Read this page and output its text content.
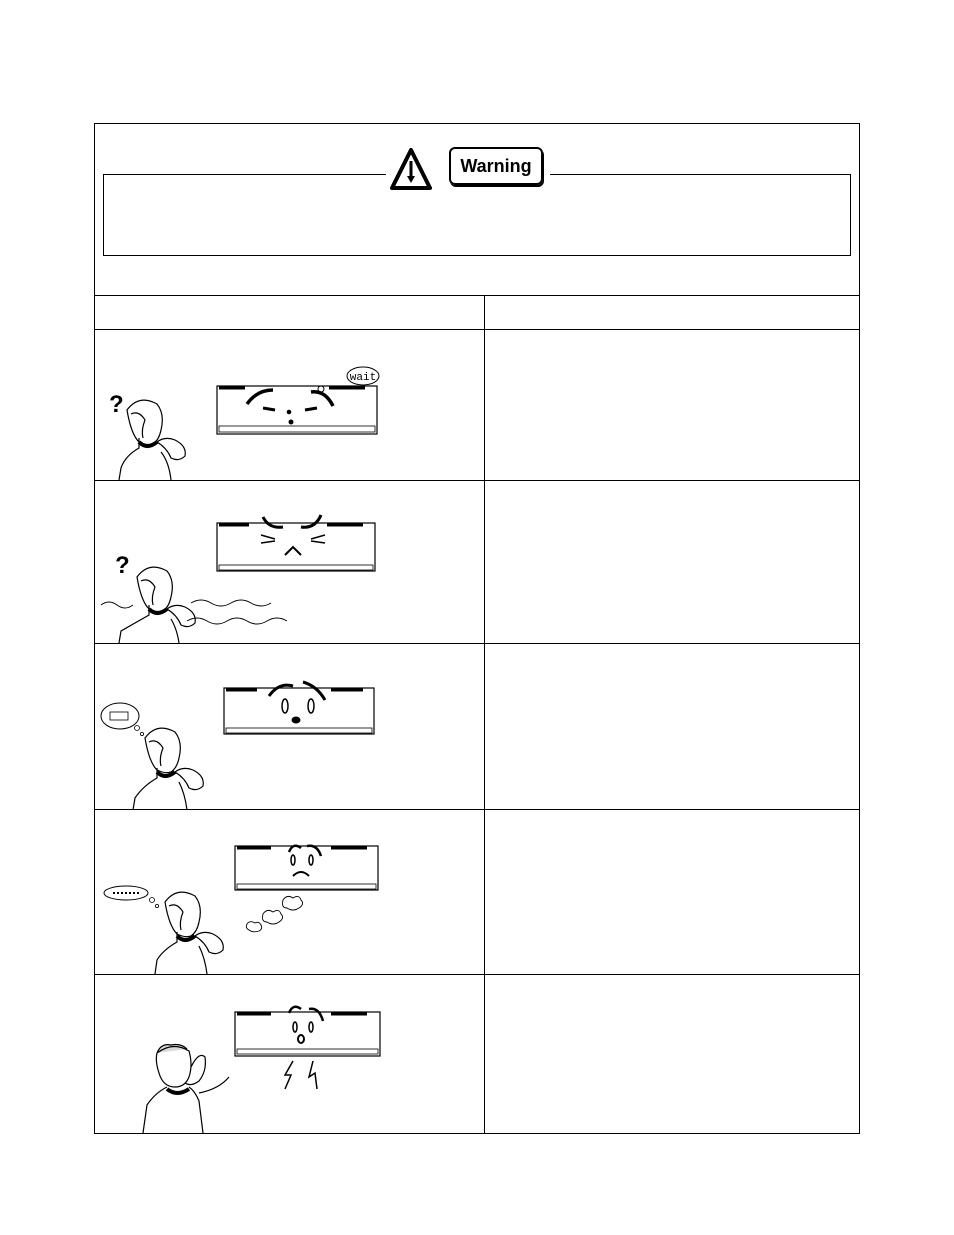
Warning
?
wait
?
